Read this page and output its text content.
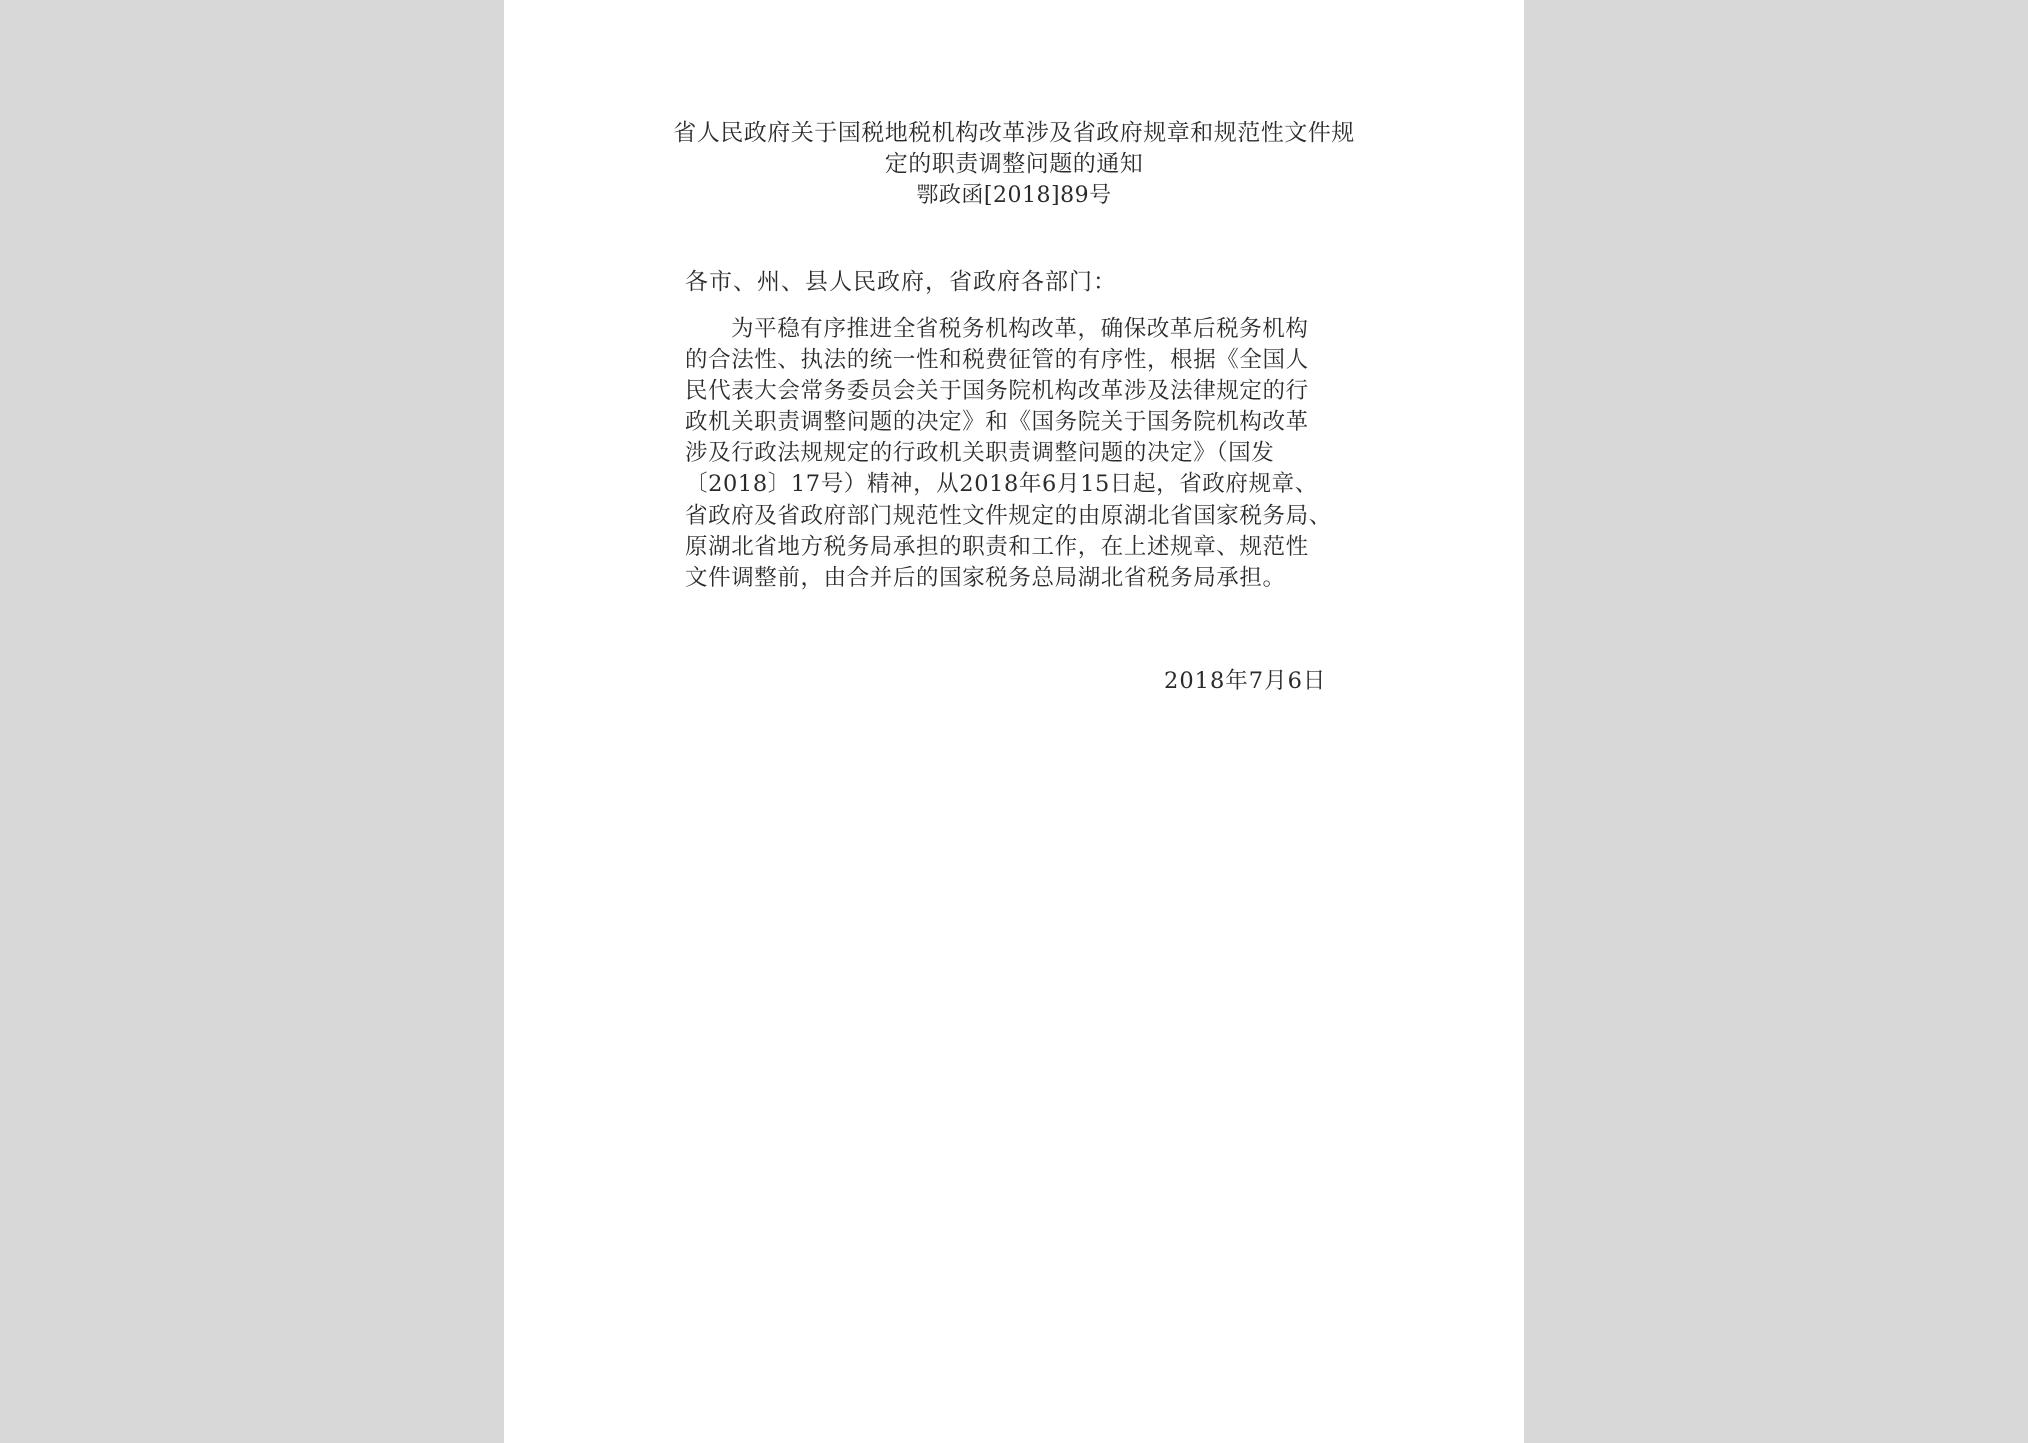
省人民政府关于国税地税机构改革涉及省政府规章和规范性文件规
定的职责调整问题的通知
鄂政函[2018]89号
各市、州、县人民政府，省政府各部门：
为平稳有序推进全省税务机构改革，确保改革后税务机构
的合法性、执法的统一性和税费征管的有序性，根据《全国人
民代表大会常务委员会关于国务院机构改革涉及法律规定的行
政机关职责调整问题的决定》和《国务院关于国务院机构改革
涉及行政法规规定的行政机关职责调整问题的决定》（国发
〔2018〕17号）精神，从2018年6月15日起，省政府规章、
省政府及省政府部门规范性文件规定的由原湖北省国家税务局、
原湖北省地方税务局承担的职责和工作，在上述规章、规范性
文件调整前，由合并后的国家税务总局湖北省税务局承担。
2018年7月6日
